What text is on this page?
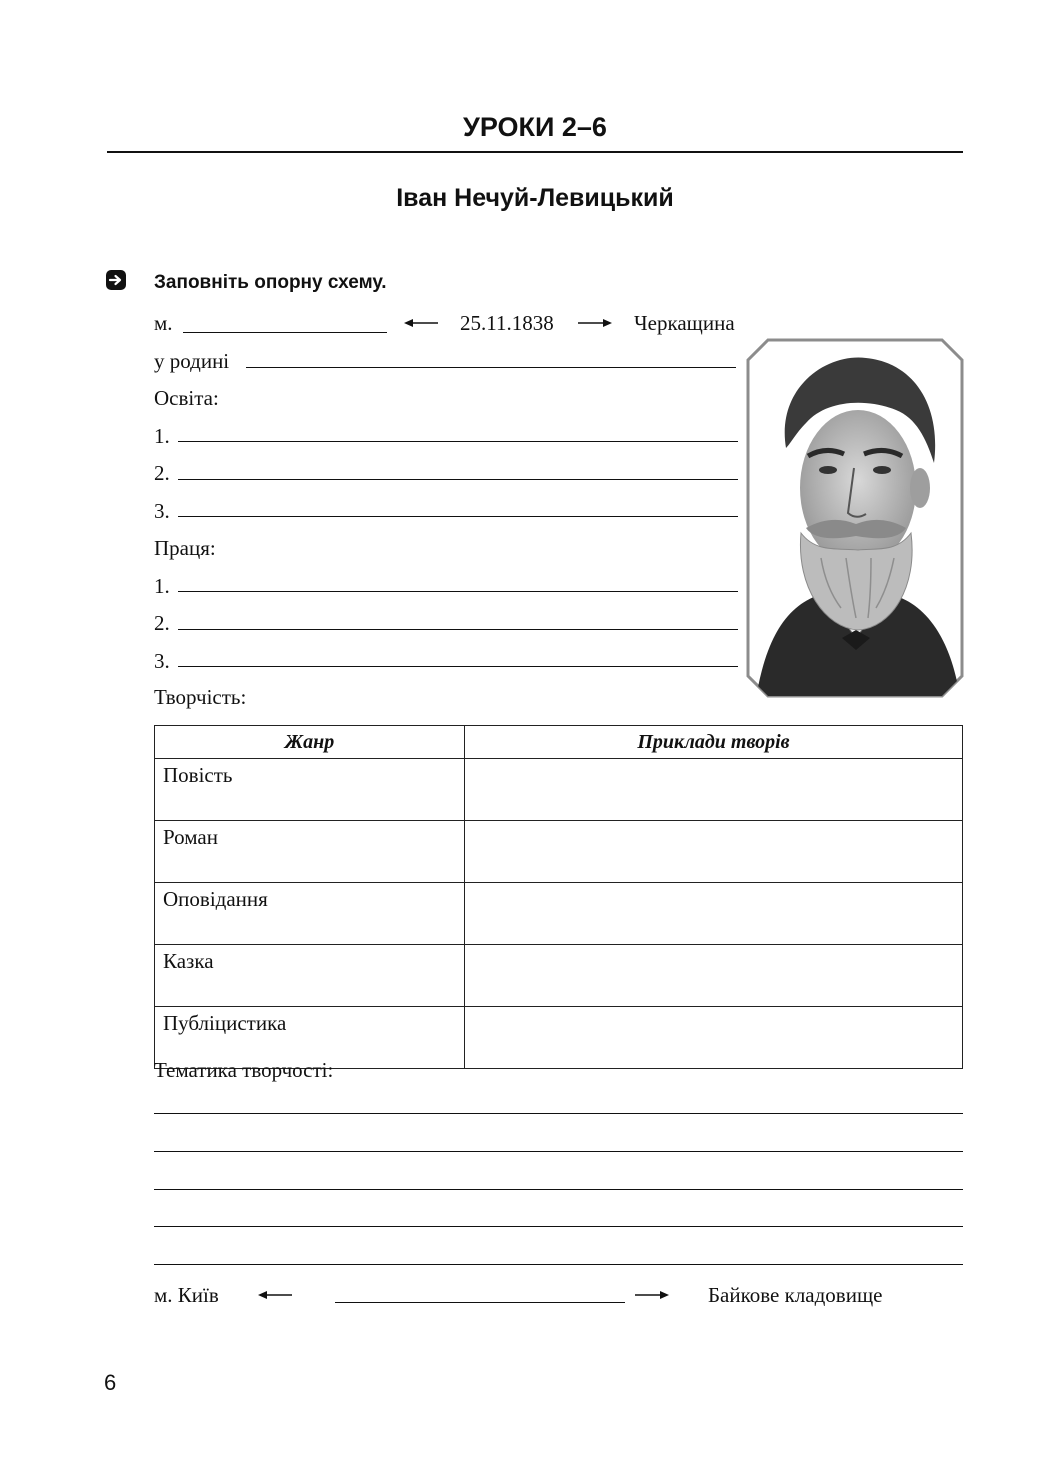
УРОКИ 2–6
Іван Нечуй-Левицький
Заповніть опорну схему.
м.	25.11.1838	Черкащина
у родині
Освіта:
1.
2.
3.
Праця:
1.
2.
3.
Творчість:
Жанр	Приклади творів
Повість	
Роман	
Оповідання	
Казка	
Публіцистика	
Тематика творчості:
м. Київ	Байкове кладовище
6
